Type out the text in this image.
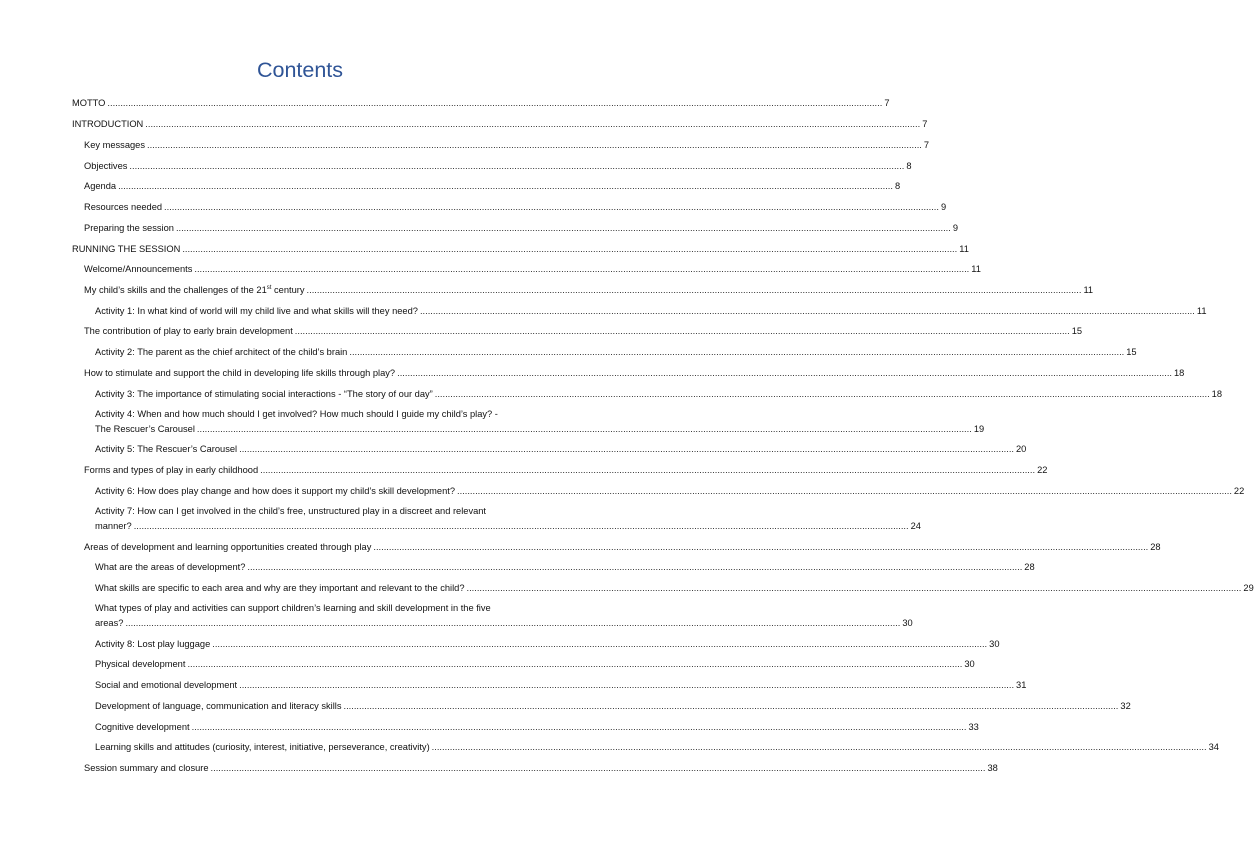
Contents
MOTTO ............................................................................................................................................................................................................................................................................................................ 7
INTRODUCTION ............................................................................................................................................................................................................................................................................................................ 7
Key messages ............................................................................................................................................................................................................................................................................................................ 7
Objectives ............................................................................................................................................................................................................................................................................................................ 8
Agenda ............................................................................................................................................................................................................................................................................................................ 8
Resources needed ............................................................................................................................................................................................................................................................................................................ 9
Preparing the session ............................................................................................................................................................................................................................................................................................................ 9
RUNNING THE SESSION ............................................................................................................................................................................................................................................................................................................ 11
Welcome/Announcements ............................................................................................................................................................................................................................................................................................................ 11
My child’s skills and the challenges of the 21st century ............................................................................................................................................................................................................................................................................................................ 11
Activity 1: In what kind of world will my child live and what skills will they need? ............................................................................................................................................................................................................................................................................................................ 11
The contribution of play to early brain development ............................................................................................................................................................................................................................................................................................................ 15
Activity 2: The parent as the chief architect of the child’s brain ............................................................................................................................................................................................................................................................................................................ 15
How to stimulate and support the child in developing life skills through play? ............................................................................................................................................................................................................................................................................................................ 18
Activity 3: The importance of stimulating social interactions - “The story of our day” ............................................................................................................................................................................................................................................................................................................ 18
Activity 4: When and how much should I get involved? How much should I guide my child’s play? -
The Rescuer’s Carousel ............................................................................................................................................................................................................................................................................................................ 19
Activity 5: The Rescuer’s Carousel ............................................................................................................................................................................................................................................................................................................ 20
Forms and types of play in early childhood ............................................................................................................................................................................................................................................................................................................ 22
Activity 6: How does play change and how does it support my child’s skill development? ............................................................................................................................................................................................................................................................................................................ 22
Activity 7: How can I get involved in the child’s free, unstructured play in a discreet and relevant
manner? ............................................................................................................................................................................................................................................................................................................ 24
Areas of development and learning opportunities created through play ............................................................................................................................................................................................................................................................................................................ 28
What are the areas of development? ............................................................................................................................................................................................................................................................................................................ 28
What skills are specific to each area and why are they important and relevant to the child? ............................................................................................................................................................................................................................................................................................................ 29
What types of play and activities can support children’s learning and skill development in the five
areas? ............................................................................................................................................................................................................................................................................................................ 30
Activity 8: Lost play luggage ............................................................................................................................................................................................................................................................................................................ 30
Physical development ............................................................................................................................................................................................................................................................................................................ 30
Social and emotional development ............................................................................................................................................................................................................................................................................................................ 31
Development of language, communication and literacy skills ............................................................................................................................................................................................................................................................................................................ 32
Cognitive development ............................................................................................................................................................................................................................................................................................................ 33
Learning skills and attitudes (curiosity, interest, initiative, perseverance, creativity) ............................................................................................................................................................................................................................................................................................................ 34
Session summary and closure ............................................................................................................................................................................................................................................................................................................ 38
